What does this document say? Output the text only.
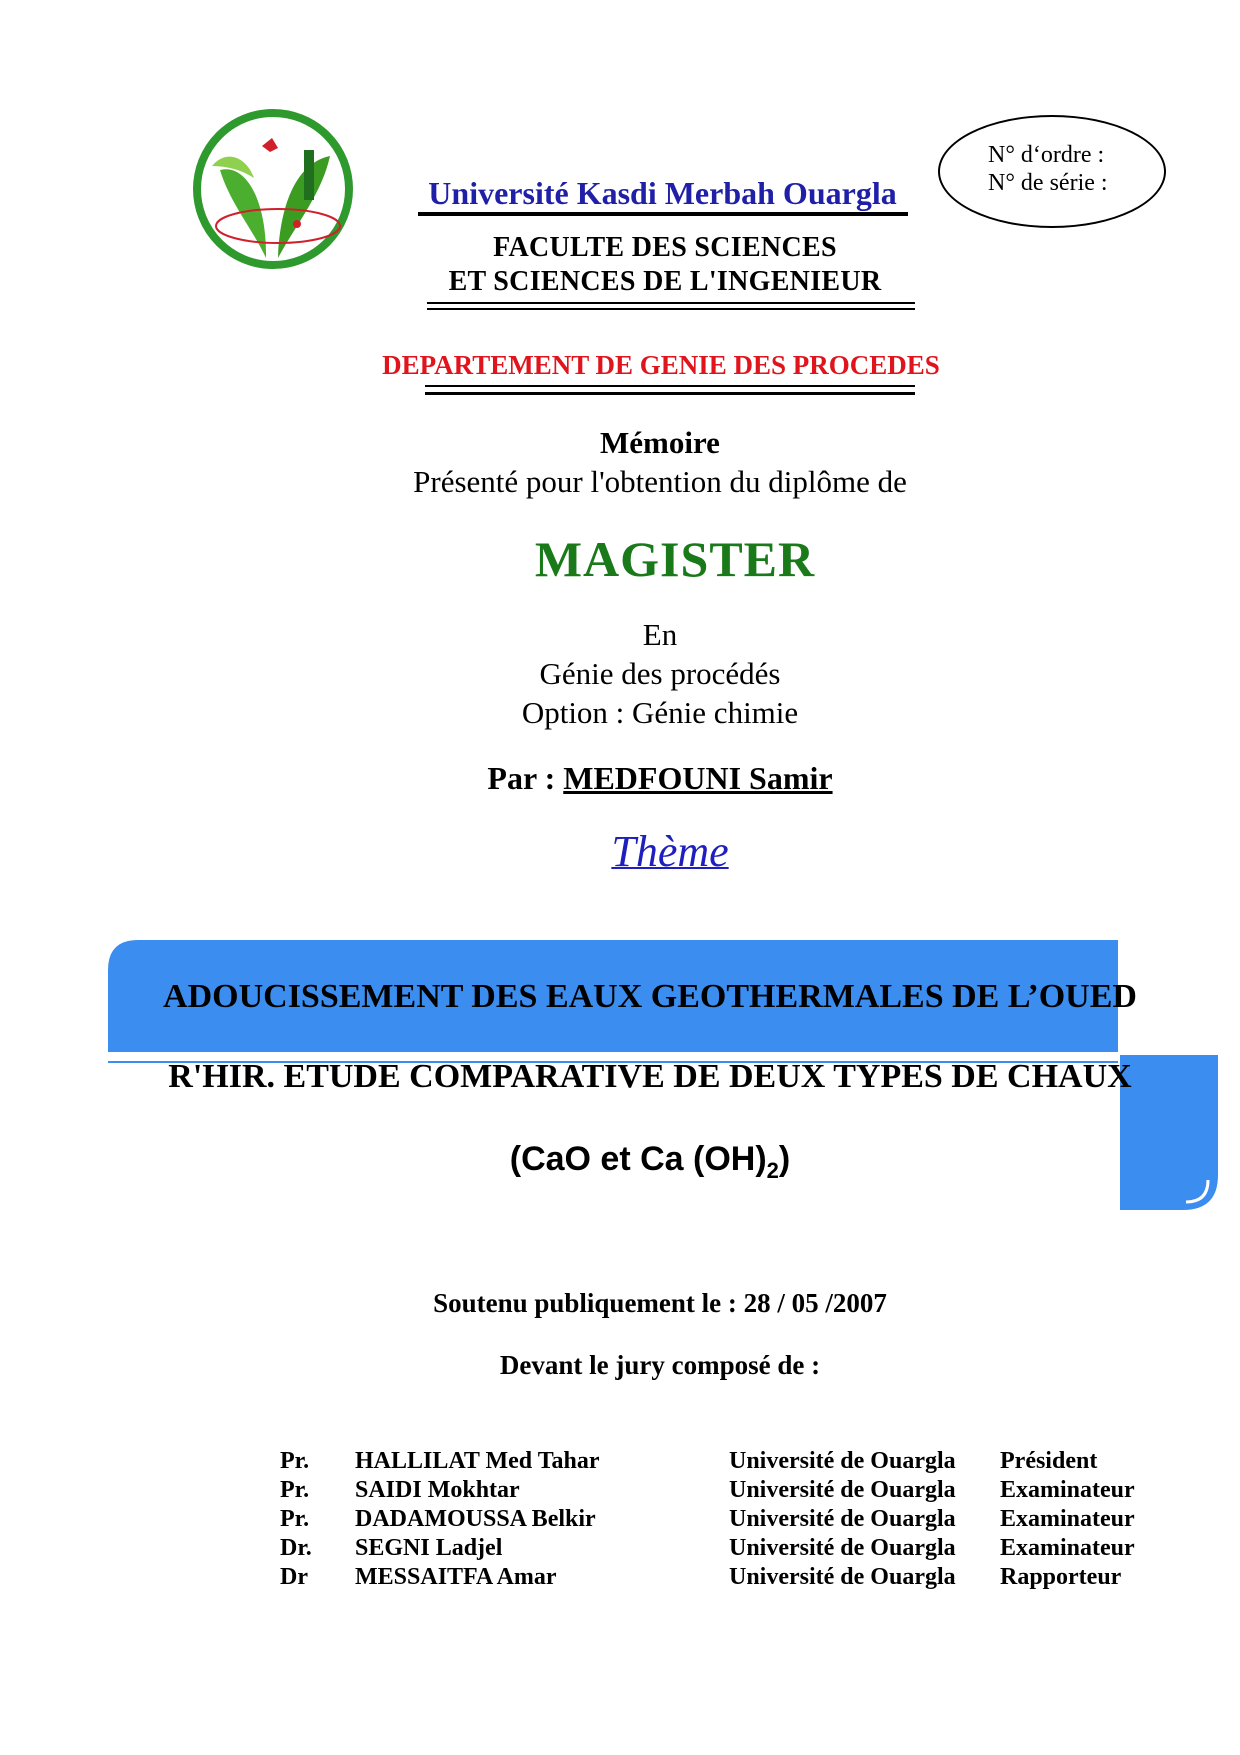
N° d‘ordre :
N° de série :
Université Kasdi Merbah Ouargla
FACULTE DES SCIENCES
ET SCIENCES DE L'INGENIEUR
DEPARTEMENT DE GENIE DES PROCEDES
Mémoire
Présenté pour l'obtention du diplôme de
MAGISTER
En
Génie des procédés
Option : Génie chimie
Par : MEDFOUNI Samir
Thème
ADOUCISSEMENT DES EAUX GEOTHERMALES DE L’OUED
R'HIR. ETUDE COMPARATIVE DE DEUX TYPES DE CHAUX
(CaO et Ca $(OH)_2$)
Soutenu publiquement le : 28 / 05 /2007
Devant le jury composé de :
Pr. HALLILAT Med Tahar	Université de Ouargla Président
Pr. SAIDI Mokhtar	Université de Ouargla Examinateur
Pr. DADAMOUSSA Belkir	Université de Ouargla Examinateur
Dr. SEGNI Ladjel	Université de Ouargla Examinateur
Dr MESSAITFA Amar	Université de Ouargla Rapporteur
